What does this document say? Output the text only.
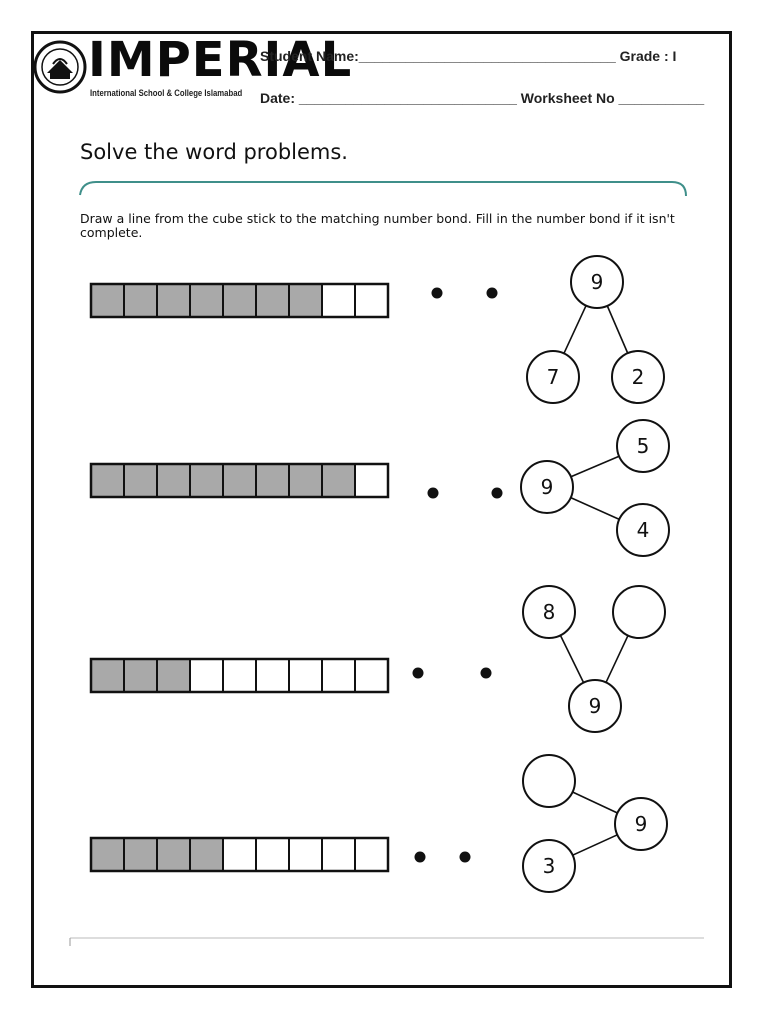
IMPERIAL
International School & College Islamabad
Student Name:_________________________________ Grade : I
Date: ____________________________ Worksheet No ___________
Solve the word problems.
Draw a line from the cube stick to the matching number bond. Fill in the number bond if it isn't complete.
9
7	2
9
5
4
9
8
9
3
